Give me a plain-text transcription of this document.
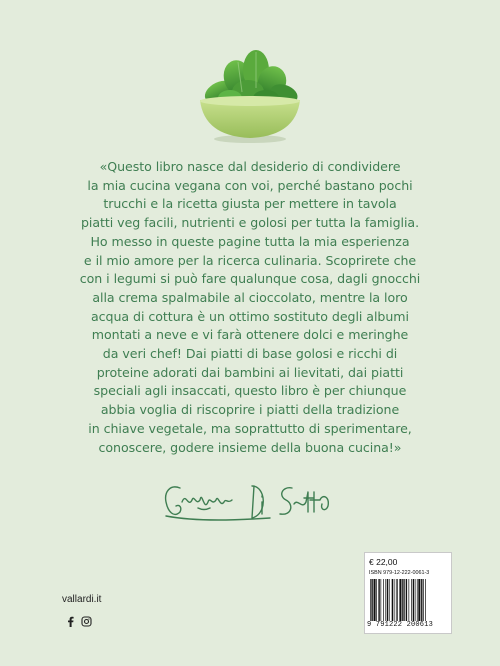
«Questo libro nasce dal desiderio di condividere
la mia cucina vegana con voi, perché bastano pochi
trucchi e la ricetta giusta per mettere in tavola
piatti veg facili, nutrienti e golosi per tutta la famiglia.
Ho messo in queste pagine tutta la mia esperienza
e il mio amore per la ricerca culinaria. Scoprirete che
con i legumi si può fare qualunque cosa, dagli gnocchi
alla crema spalmabile al cioccolato, mentre la loro
acqua di cottura è un ottimo sostituto degli albumi
montati a neve e vi farà ottenere dolci e meringhe
da veri chef! Dai piatti di base golosi e ricchi di
proteine adorati dai bambini ai lievitati, dai piatti
speciali agli insaccati, questo libro è per chiunque
abbia voglia di riscoprire i piatti della tradizione
in chiave vegetale, ma soprattutto di sperimentare,
conoscere, godere insieme della buona cucina!»

vallardi.it
€ 22,00
ISBN 979-12-222-0061-3
9 791222 200613
